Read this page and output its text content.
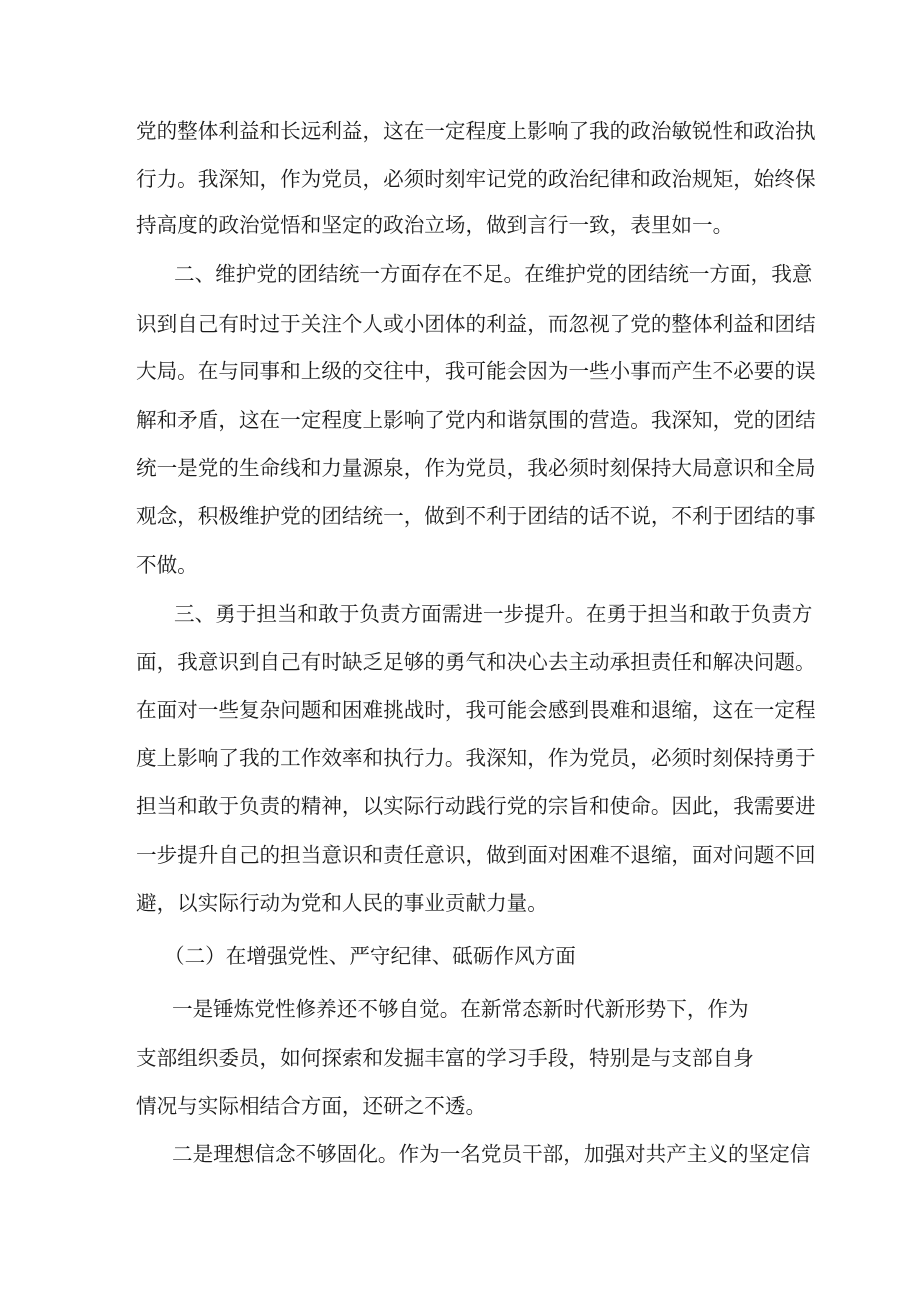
党的整体利益和长远利益，这在一定程度上影响了我的政治敏锐性和政治执
行力。我深知，作为党员，必须时刻牢记党的政治纪律和政治规矩，始终保
持高度的政治觉悟和坚定的政治立场，做到言行一致，表里如一。
二、维护党的团结统一方面存在不足。在维护党的团结统一方面，我意
识到自己有时过于关注个人或小团体的利益，而忽视了党的整体利益和团结
大局。在与同事和上级的交往中，我可能会因为一些小事而产生不必要的误
解和矛盾，这在一定程度上影响了党内和谐氛围的营造。我深知，党的团结
统一是党的生命线和力量源泉，作为党员，我必须时刻保持大局意识和全局
观念，积极维护党的团结统一，做到不利于团结的话不说，不利于团结的事
不做。
三、勇于担当和敢于负责方面需进一步提升。在勇于担当和敢于负责方
面，我意识到自己有时缺乏足够的勇气和决心去主动承担责任和解决问题。
在面对一些复杂问题和困难挑战时，我可能会感到畏难和退缩，这在一定程
度上影响了我的工作效率和执行力。我深知，作为党员，必须时刻保持勇于
担当和敢于负责的精神，以实际行动践行党的宗旨和使命。因此，我需要进
一步提升自己的担当意识和责任意识，做到面对困难不退缩，面对问题不回
避，以实际行动为党和人民的事业贡献力量。
（二）在增强党性、严守纪律、砥砺作风方面
一是锤炼党性修养还不够自觉。在新常态新时代新形势下，作为
支部组织委员，如何探索和发掘丰富的学习手段，特别是与支部自身
情况与实际相结合方面，还研之不透。
二是理想信念不够固化。作为一名党员干部，加强对共产主义的坚定信
